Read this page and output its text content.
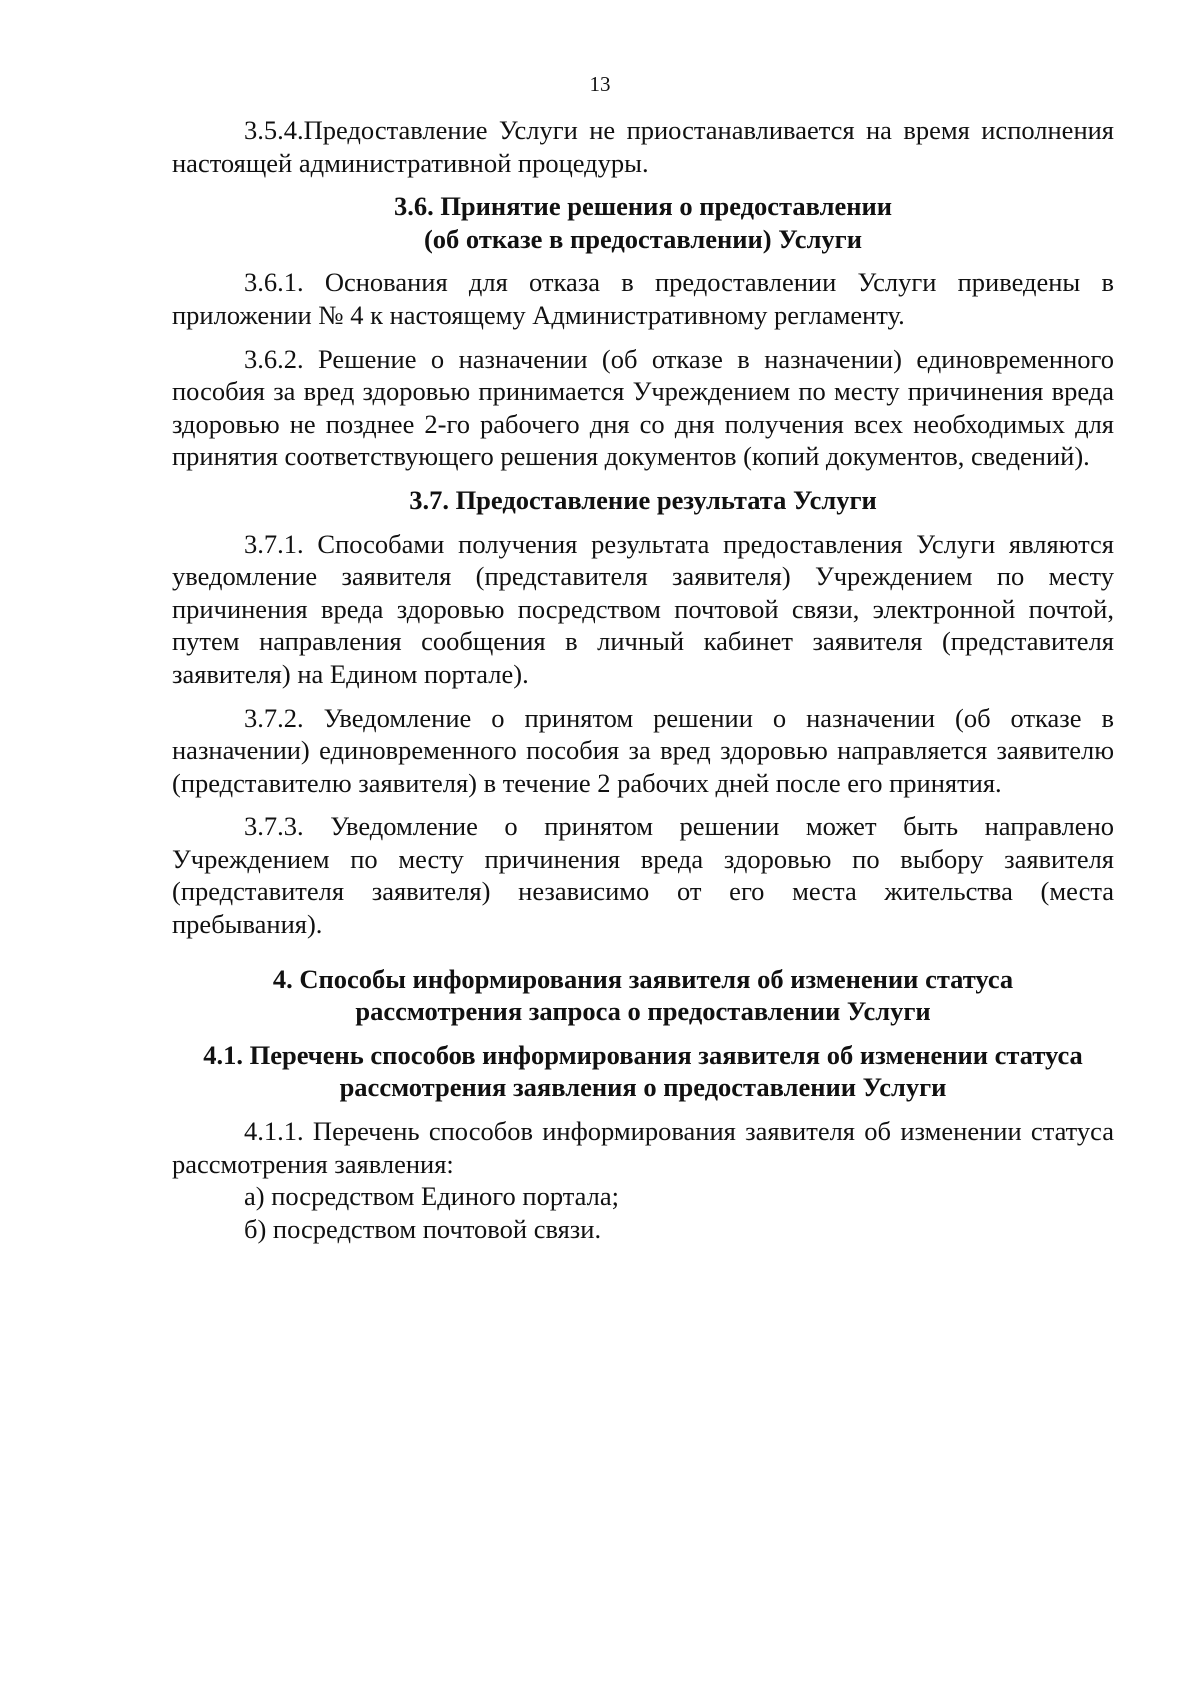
13

3.5.4.Предоставление Услуги не приостанавливается на время исполнения настоящей административной процедуры.

3.6. Принятие решения о предоставлении
(об отказе в предоставлении) Услуги

3.6.1. Основания для отказа в предоставлении Услуги приведены в приложении № 4 к настоящему Административному регламенту.

3.6.2. Решение о назначении (об отказе в назначении) единовременного пособия за вред здоровью принимается Учреждением по месту причинения вреда здоровью не позднее 2-го рабочего дня со дня получения всех необходимых для принятия соответствующего решения документов (копий документов, сведений).

3.7. Предоставление результата Услуги

3.7.1. Способами получения результата предоставления Услуги являются уведомление заявителя (представителя заявителя) Учреждением по месту причинения вреда здоровью посредством почтовой связи, электронной почтой, путем направления сообщения в личный кабинет заявителя (представителя заявителя) на Едином портале).

3.7.2. Уведомление о принятом решении о назначении (об отказе в назначении) единовременного пособия за вред здоровью направляется заявителю (представителю заявителя) в течение 2 рабочих дней после его принятия.

3.7.3. Уведомление о принятом решении может быть направлено Учреждением по месту причинения вреда здоровью по выбору заявителя (представителя заявителя) независимо от его места жительства (места пребывания).

4. Способы информирования заявителя об изменении статуса
рассмотрения запроса о предоставлении Услуги
4.1. Перечень способов информирования заявителя об изменении статуса
рассмотрения заявления о предоставлении Услуги

4.1.1. Перечень способов информирования заявителя об изменении статуса рассмотрения заявления:

а) посредством Единого портала;
б) посредством почтовой связи.
